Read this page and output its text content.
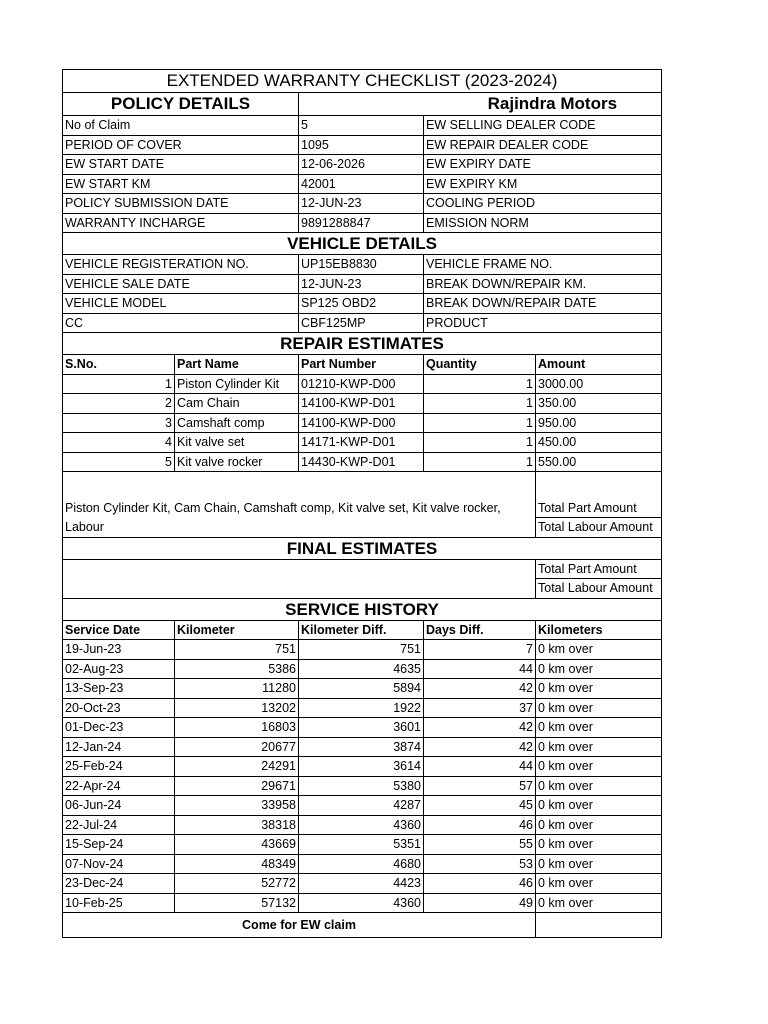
EXTENDED WARRANTY CHECKLIST (2023-2024)				
POLICY DETAILS		Rajindra Motors		
No of Claim		5	EW SELLING DEALER CODE	
PERIOD OF COVER		1095	EW REPAIR DEALER CODE	
EW START DATE		12-06-2026	EW EXPIRY DATE	
EW START KM		42001	EW EXPIRY KM	
POLICY SUBMISSION DATE		12-JUN-23	COOLING PERIOD	
WARRANTY INCHARGE		9891288847	EMISSION NORM	
VEHICLE DETAILS				
VEHICLE REGISTERATION NO.		UP15EB8830	VEHICLE FRAME NO.	
VEHICLE SALE DATE		12-JUN-23	BREAK DOWN/REPAIR KM.	
VEHICLE MODEL		SP125 OBD2	BREAK DOWN/REPAIR DATE	
CC		CBF125MP	PRODUCT	
REPAIR ESTIMATES				
S.No.	Part Name	Part Number	Quantity	Amount
1	Piston Cylinder Kit	01210-KWP-D00	1	3000.00
2	Cam Chain	14100-KWP-D01	1	350.00
3	Camshaft comp	14100-KWP-D00	1	950.00
4	Kit valve set	14171-KWP-D01	1	450.00
5	Kit valve rocker	14430-KWP-D01	1	550.00
Piston Cylinder Kit, Cam Chain, Camshaft comp, Kit valve set, Kit valve rocker,				Total Part Amount
Labour				Total Labour Amount
FINAL ESTIMATES				
				Total Part Amount
				Total Labour Amount
SERVICE HISTORY				
Service Date	Kilometer	Kilometer Diff.	Days Diff.	Kilometers
19-Jun-23	751	751	7	0 km over
02-Aug-23	5386	4635	44	0 km over
13-Sep-23	11280	5894	42	0 km over
20-Oct-23	13202	1922	37	0 km over
01-Dec-23	16803	3601	42	0 km over
12-Jan-24	20677	3874	42	0 km over
25-Feb-24	24291	3614	44	0 km over
22-Apr-24	29671	5380	57	0 km over
06-Jun-24	33958	4287	45	0 km over
22-Jul-24	38318	4360	46	0 km over
15-Sep-24	43669	5351	55	0 km over
07-Nov-24	48349	4680	53	0 km over
23-Dec-24	52772	4423	46	0 km over
10-Feb-25	57132	4360	49	0 km over
Come for EW claim				
